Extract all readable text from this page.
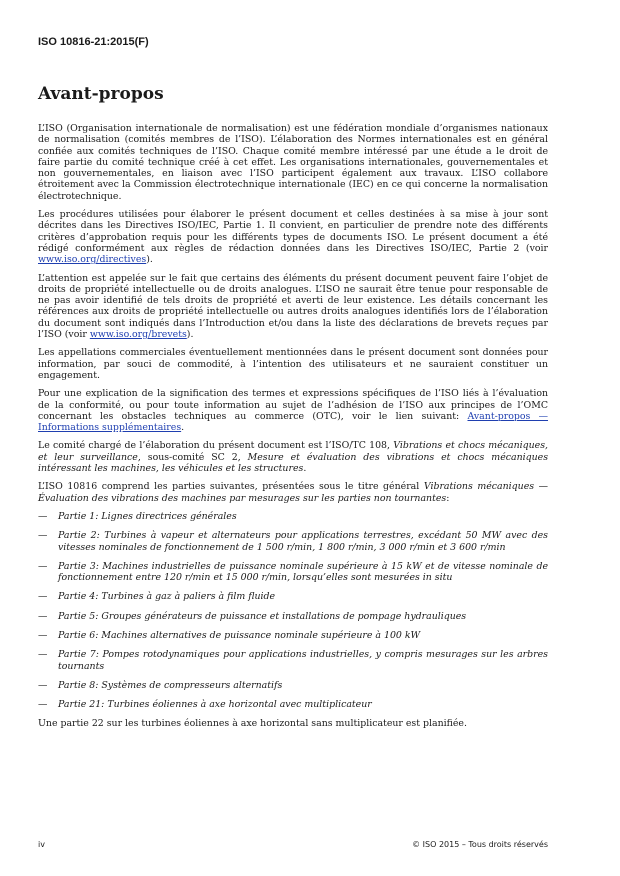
ISO 10816-21:2015(F)
Avant-propos

L’ISO (Organisation internationale de normalisation) est une fédération mondiale d’organismes nationaux de normalisation (comités membres de l’ISO). L’élaboration des Normes internationales est en général confiée aux comités techniques de l’ISO. Chaque comité membre intéressé par une étude a le droit de faire partie du comité technique créé à cet effet. Les organisations internationales, gouvernementales et non gouvernementales, en liaison avec l’ISO participent également aux travaux. L’ISO collabore étroitement avec la Commission électrotechnique internationale (IEC) en ce qui concerne la normalisation électrotechnique.

Les procédures utilisées pour élaborer le présent document et celles destinées à sa mise à jour sont décrites dans les Directives ISO/IEC, Partie 1. Il convient, en particulier de prendre note des différents critères d’approbation requis pour les différents types de documents ISO. Le présent document a été rédigé conformément aux règles de rédaction données dans les Directives ISO/IEC, Partie 2 (voir www.iso.org/directives).

L’attention est appelée sur le fait que certains des éléments du présent document peuvent faire l’objet de droits de propriété intellectuelle ou de droits analogues. L’ISO ne saurait être tenue pour responsable de ne pas avoir identifié de tels droits de propriété et averti de leur existence. Les détails concernant les références aux droits de propriété intellectuelle ou autres droits analogues identifiés lors de l’élaboration du document sont indiqués dans l’Introduction et/ou dans la liste des déclarations de brevets reçues par l’ISO (voir www.iso.org/brevets).

Les appellations commerciales éventuellement mentionnées dans le présent document sont données pour information, par souci de commodité, à l’intention des utilisateurs et ne sauraient constituer un engagement.

Pour une explication de la signification des termes et expressions spécifiques de l’ISO liés à l’évaluation de la conformité, ou pour toute information au sujet de l’adhésion de l’ISO aux principes de l’OMC concernant les obstacles techniques au commerce (OTC), voir le lien suivant: Avant-propos — Informations supplémentaires.

Le comité chargé de l’élaboration du présent document est l’ISO/TC 108, Vibrations et chocs mécaniques, et leur surveillance, sous-comité SC 2, Mesure et évaluation des vibrations et chocs mécaniques intéressant les machines, les véhicules et les structures.

L’ISO 10816 comprend les parties suivantes, présentées sous le titre général Vibrations mécaniques — Évaluation des vibrations des machines par mesurages sur les parties non tournantes:

— Partie 1: Lignes directrices générales
— Partie 2: Turbines à vapeur et alternateurs pour applications terrestres, excédant 50 MW avec des vitesses nominales de fonctionnement de 1 500 r/min, 1 800 r/min, 3 000 r/min et 3 600 r/min
— Partie 3: Machines industrielles de puissance nominale supérieure à 15 kW et de vitesse nominale de fonctionnement entre 120 r/min et 15 000 r/min, lorsqu’elles sont mesurées in situ
— Partie 4: Turbines à gaz à paliers à film fluide
— Partie 5: Groupes générateurs de puissance et installations de pompage hydrauliques
— Partie 6: Machines alternatives de puissance nominale supérieure à 100 kW
— Partie 7: Pompes rotodynamiques pour applications industrielles, y compris mesurages sur les arbres tournants
— Partie 8: Systèmes de compresseurs alternatifs
— Partie 21: Turbines éoliennes à axe horizontal avec multiplicateur

Une partie 22 sur les turbines éoliennes à axe horizontal sans multiplicateur est planifiée.

iv	© ISO 2015 – Tous droits réservés
